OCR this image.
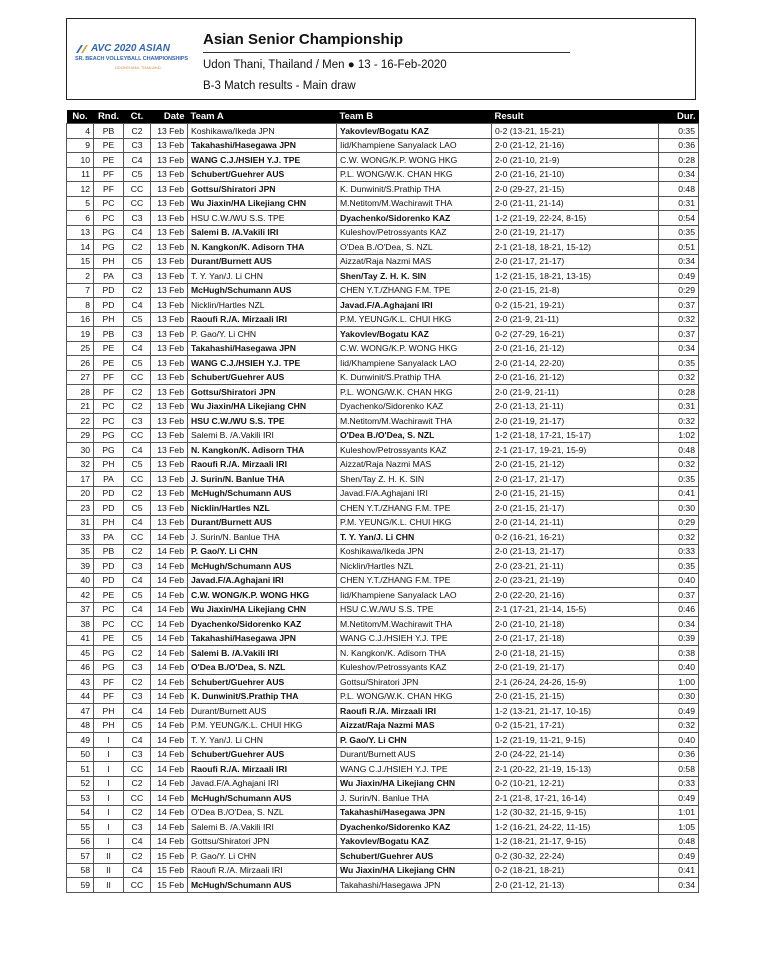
AVC 2020 ASIAN
SR. BEACH VOLLEYBALL CHAMPIONSHIPS
UDONTHANI, THAILAND
Asian Senior Championship
Udon Thani, Thailand / Men ● 13 - 16-Feb-2020
B-3 Match results - Main draw
No.	Rnd.	Ct.	Date	Team A	Team B	Result	Dur.
4	PB	C2	13 Feb	Koshikawa/Ikeda JPN	Yakovlev/Bogatu KAZ	0-2 (13-21, 15-21)	0:35
9	PE	C3	13 Feb	Takahashi/Hasegawa JPN	Iid/Khampiene Sanyalack LAO	2-0 (21-12, 21-16)	0:36
10	PE	C4	13 Feb	WANG C.J./HSIEH Y.J. TPE	C.W. WONG/K.P. WONG HKG	2-0 (21-10, 21-9)	0:28
11	PF	C5	13 Feb	Schubert/Guehrer AUS	P.L. WONG/W.K. CHAN HKG	2-0 (21-16, 21-10)	0:34
12	PF	CC	13 Feb	Gottsu/Shiratori JPN	K. Dunwinit/S.Prathip THA	2-0 (29-27, 21-15)	0:48
5	PC	CC	13 Feb	Wu Jiaxin/HA Likejiang CHN	M.Netitom/M.Wachirawit THA	2-0 (21-11, 21-14)	0:31
6	PC	C3	13 Feb	HSU C.W./WU S.S. TPE	Dyachenko/Sidorenko KAZ	1-2 (21-19, 22-24, 8-15)	0:54
13	PG	C4	13 Feb	Salemi B. /A.Vakili IRI	Kuleshov/Petrossyants KAZ	2-0 (21-19, 21-17)	0:35
14	PG	C2	13 Feb	N. Kangkon/K. Adisorn THA	O'Dea B./O'Dea, S. NZL	2-1 (21-18, 18-21, 15-12)	0:51
15	PH	C5	13 Feb	Durant/Burnett AUS	Aizzat/Raja Nazmi MAS	2-0 (21-17, 21-17)	0:34
2	PA	C3	13 Feb	T. Y. Yan/J. Li CHN	Shen/Tay Z. H. K. SIN	1-2 (21-15, 18-21, 13-15)	0:49
7	PD	C2	13 Feb	McHugh/Schumann AUS	CHEN Y.T./ZHANG F.M. TPE	2-0 (21-15, 21-8)	0:29
8	PD	C4	13 Feb	Nicklin/Hartles NZL	Javad.F/A.Aghajani IRI	0-2 (15-21, 19-21)	0:37
16	PH	C5	13 Feb	Raoufi R./A. Mirzaali IRI	P.M. YEUNG/K.L. CHUI HKG	2-0 (21-9, 21-11)	0:32
19	PB	C3	13 Feb	P. Gao/Y. Li CHN	Yakovlev/Bogatu KAZ	0-2 (27-29, 16-21)	0:37
25	PE	C4	13 Feb	Takahashi/Hasegawa JPN	C.W. WONG/K.P. WONG HKG	2-0 (21-16, 21-12)	0:34
26	PE	C5	13 Feb	WANG C.J./HSIEH Y.J. TPE	Iid/Khampiene Sanyalack LAO	2-0 (21-14, 22-20)	0:35
27	PF	CC	13 Feb	Schubert/Guehrer AUS	K. Dunwinit/S.Prathip THA	2-0 (21-16, 21-12)	0:32
28	PF	C2	13 Feb	Gottsu/Shiratori JPN	P.L. WONG/W.K. CHAN HKG	2-0 (21-9, 21-11)	0:28
21	PC	C2	13 Feb	Wu Jiaxin/HA Likejiang CHN	Dyachenko/Sidorenko KAZ	2-0 (21-13, 21-11)	0:31
22	PC	C3	13 Feb	HSU C.W./WU S.S. TPE	M.Netitom/M.Wachirawit THA	2-0 (21-19, 21-17)	0:32
29	PG	CC	13 Feb	Salemi B. /A.Vakili IRI	O'Dea B./O'Dea, S. NZL	1-2 (21-18, 17-21, 15-17)	1:02
30	PG	C4	13 Feb	N. Kangkon/K. Adisorn THA	Kuleshov/Petrossyants KAZ	2-1 (21-17, 19-21, 15-9)	0:48
32	PH	C5	13 Feb	Raoufi R./A. Mirzaali IRI	Aizzat/Raja Nazmi MAS	2-0 (21-15, 21-12)	0:32
17	PA	CC	13 Feb	J. Surin/N. Banlue THA	Shen/Tay Z. H. K. SIN	2-0 (21-17, 21-17)	0:35
20	PD	C2	13 Feb	McHugh/Schumann AUS	Javad.F/A.Aghajani IRI	2-0 (21-15, 21-15)	0:41
23	PD	C5	13 Feb	Nicklin/Hartles NZL	CHEN Y.T./ZHANG F.M. TPE	2-0 (21-15, 21-17)	0:30
31	PH	C4	13 Feb	Durant/Burnett AUS	P.M. YEUNG/K.L. CHUI HKG	2-0 (21-14, 21-11)	0:29
33	PA	CC	14 Feb	J. Surin/N. Banlue THA	T. Y. Yan/J. Li CHN	0-2 (16-21, 16-21)	0:32
35	PB	C2	14 Feb	P. Gao/Y. Li CHN	Koshikawa/Ikeda JPN	2-0 (21-13, 21-17)	0:33
39	PD	C3	14 Feb	McHugh/Schumann AUS	Nicklin/Hartles NZL	2-0 (23-21, 21-11)	0:35
40	PD	C4	14 Feb	Javad.F/A.Aghajani IRI	CHEN Y.T./ZHANG F.M. TPE	2-0 (23-21, 21-19)	0:40
42	PE	C5	14 Feb	C.W. WONG/K.P. WONG HKG	Iid/Khampiene Sanyalack LAO	2-0 (22-20, 21-16)	0:37
37	PC	C4	14 Feb	Wu Jiaxin/HA Likejiang CHN	HSU C.W./WU S.S. TPE	2-1 (17-21, 21-14, 15-5)	0:46
38	PC	CC	14 Feb	Dyachenko/Sidorenko KAZ	M.Netitom/M.Wachirawit THA	2-0 (21-10, 21-18)	0:34
41	PE	C5	14 Feb	Takahashi/Hasegawa JPN	WANG C.J./HSIEH Y.J. TPE	2-0 (21-17, 21-18)	0:39
45	PG	C2	14 Feb	Salemi B. /A.Vakili IRI	N. Kangkon/K. Adisorn THA	2-0 (21-18, 21-15)	0:38
46	PG	C3	14 Feb	O'Dea B./O'Dea, S. NZL	Kuleshov/Petrossyants KAZ	2-0 (21-19, 21-17)	0:40
43	PF	C2	14 Feb	Schubert/Guehrer AUS	Gottsu/Shiratori JPN	2-1 (26-24, 24-26, 15-9)	1:00
44	PF	C3	14 Feb	K. Dunwinit/S.Prathip THA	P.L. WONG/W.K. CHAN HKG	2-0 (21-15, 21-15)	0:30
47	PH	C4	14 Feb	Durant/Burnett AUS	Raoufi R./A. Mirzaali IRI	1-2 (13-21, 21-17, 10-15)	0:49
48	PH	C5	14 Feb	P.M. YEUNG/K.L. CHUI HKG	Aizzat/Raja Nazmi MAS	0-2 (15-21, 17-21)	0:32
49	I	C4	14 Feb	T. Y. Yan/J. Li CHN	P. Gao/Y. Li CHN	1-2 (21-19, 11-21, 9-15)	0:40
50	I	C3	14 Feb	Schubert/Guehrer AUS	Durant/Burnett AUS	2-0 (24-22, 21-14)	0:36
51	I	CC	14 Feb	Raoufi R./A. Mirzaali IRI	WANG C.J./HSIEH Y.J. TPE	2-1 (20-22, 21-19, 15-13)	0:58
52	I	C2	14 Feb	Javad.F/A.Aghajani IRI	Wu Jiaxin/HA Likejiang CHN	0-2 (10-21, 12-21)	0:33
53	I	CC	14 Feb	McHugh/Schumann AUS	J. Surin/N. Banlue THA	2-1 (21-8, 17-21, 16-14)	0:49
54	I	C2	14 Feb	O'Dea B./O'Dea, S. NZL	Takahashi/Hasegawa JPN	1-2 (30-32, 21-15, 9-15)	1:01
55	I	C3	14 Feb	Salemi B. /A.Vakili IRI	Dyachenko/Sidorenko KAZ	1-2 (16-21, 24-22, 11-15)	1:05
56	I	C4	14 Feb	Gottsu/Shiratori JPN	Yakovlev/Bogatu KAZ	1-2 (18-21, 21-17, 9-15)	0:48
57	II	C2	15 Feb	P. Gao/Y. Li CHN	Schubert/Guehrer AUS	0-2 (30-32, 22-24)	0:49
58	II	C4	15 Feb	Raoufi R./A. Mirzaali IRI	Wu Jiaxin/HA Likejiang CHN	0-2 (18-21, 18-21)	0:41
59	II	CC	15 Feb	McHugh/Schumann AUS	Takahashi/Hasegawa JPN	2-0 (21-12, 21-13)	0:34
